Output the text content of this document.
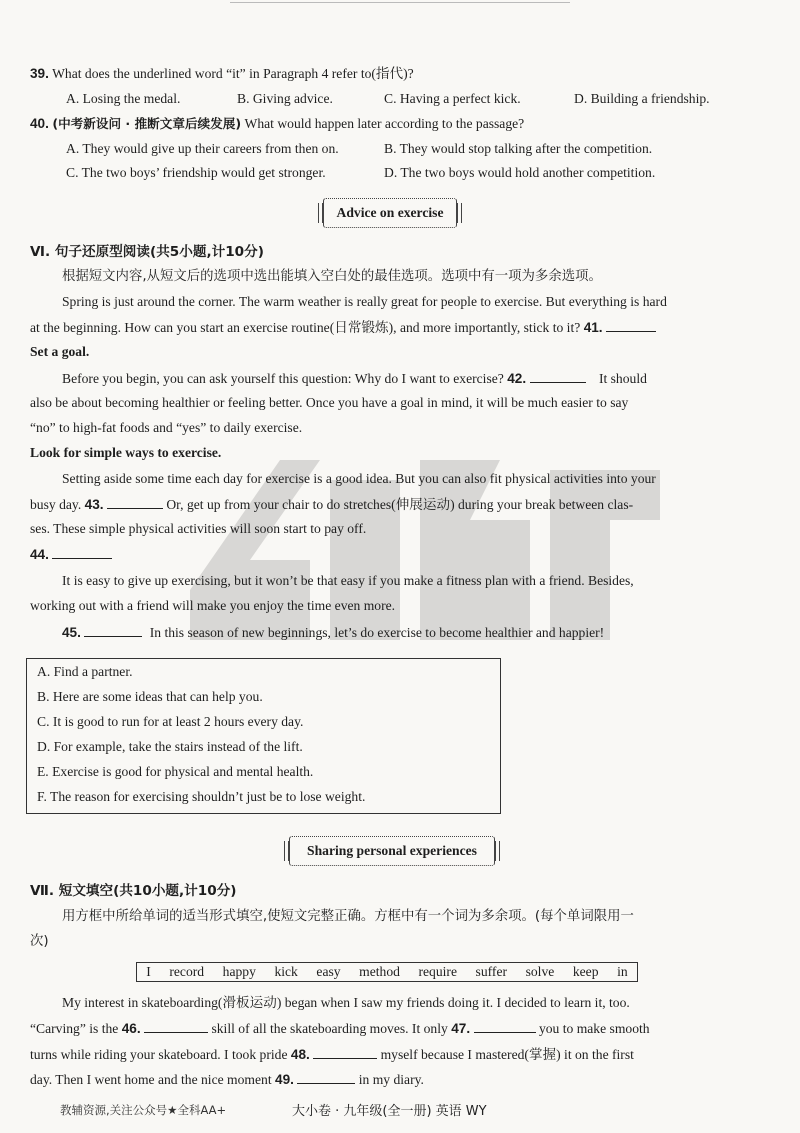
39. What does the underlined word “it” in Paragraph 4 refer to(指代)?
A. Losing the medal.	B. Giving advice.	C. Having a perfect kick.	D. Building a friendship.
40. (中考新设问 · 推断文章后续发展) What would happen later according to the passage?
A. They would give up their careers from then on.	B. They would stop talking after the competition.
C. The two boys’ friendship would get stronger.	D. The two boys would hold another competition.
Advice on exercise
Ⅵ. 句子还原型阅读(共5小题,计10分)
根据短文内容,从短文后的选项中选出能填入空白处的最佳选项。选项中有一项为多余选项。
Spring is just around the corner. The warm weather is really great for people to exercise. But everything is hard
at the beginning. How can you start an exercise routine(日常锻炼), and more importantly, stick to it? 41.
Set a goal.
Before you begin, you can ask yourself this question: Why do I want to exercise? 42.	It should
also be about becoming healthier or feeling better. Once you have a goal in mind, it will be much easier to say
“no” to high-fat foods and “yes” to daily exercise.
Look for simple ways to exercise.
Setting aside some time each day for exercise is a good idea. But you can also fit physical activities into your
busy day. 43.	Or, get up from your chair to do stretches(伸展运动) during your break between clas-
ses. These simple physical activities will soon start to pay off.
44.
It is easy to give up exercising, but it won’t be that easy if you make a fitness plan with a friend. Besides,
working out with a friend will make you enjoy the time even more.
45.	In this season of new beginnings, let’s do exercise to become healthier and happier!
A. Find a partner.
B. Here are some ideas that can help you.
C. It is good to run for at least 2 hours every day.
D. For example, take the stairs instead of the lift.
E. Exercise is good for physical and mental health.
F. The reason for exercising shouldn’t just be to lose weight.
Sharing personal experiences
Ⅶ. 短文填空(共10小题,计10分)
用方框中所给单词的适当形式填空,使短文完整正确。方框中有一个词为多余项。(每个单词限用一
次)
I record happy kick easy method require suffer solve keep in
My interest in skateboarding(滑板运动) began when I saw my friends doing it. I decided to learn it, too.
“Carving” is the 46.	skill of all the skateboarding moves. It only 47.	you to make smooth
turns while riding your skateboard. I took pride 48.	myself because I mastered(掌握) it on the first
day. Then I went home and the nice moment 49.	in my diary.
教辅资源,关注公众号★全科AA+	大小卷 · 九年级(全一册) 英语 WY
